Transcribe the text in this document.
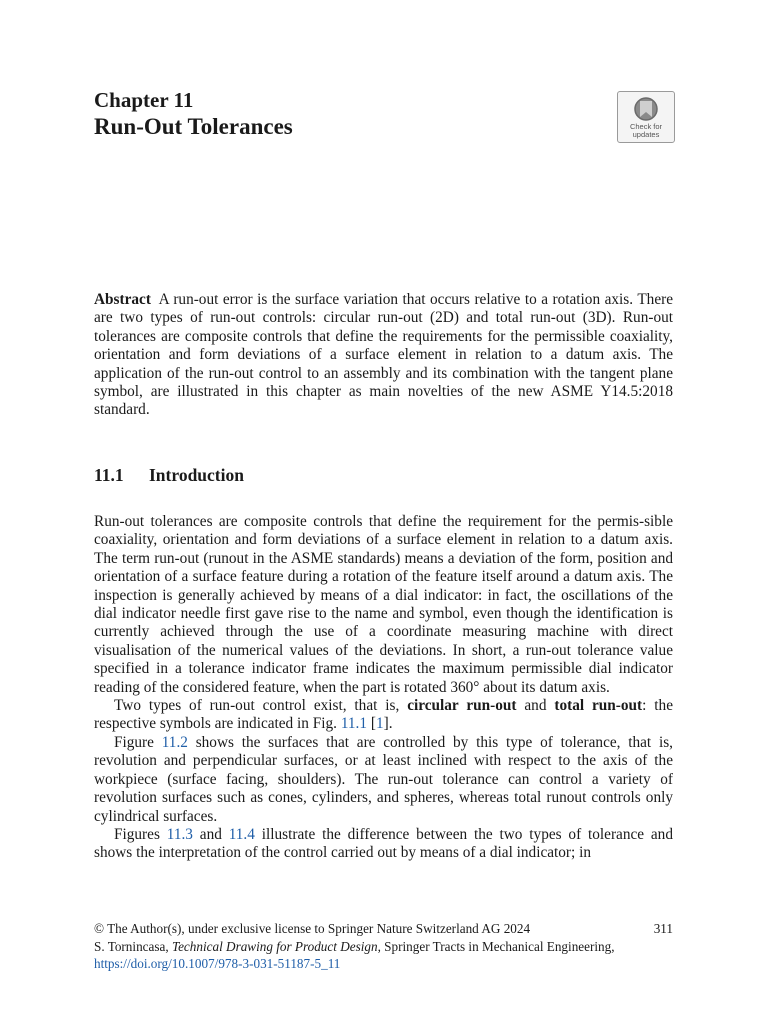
Chapter 11
Run-Out Tolerances	Check for
updates
Abstract A run-out error is the surface variation that occurs relative to a rotation axis. There are two types of run-out controls: circular run-out (2D) and total run-out (3D). Run-out tolerances are composite controls that define the requirements for the permissible coaxiality, orientation and form deviations of a surface element in relation to a datum axis. The application of the run-out control to an assembly and its combination with the tangent plane symbol, are illustrated in this chapter as main novelties of the new ASME Y14.5:2018 standard.
11.1 Introduction

Run-out tolerances are composite controls that define the requirement for the permis-sible coaxiality, orientation and form deviations of a surface element in relation to a datum axis. The term run-out (runout in the ASME standards) means a deviation of the form, position and orientation of a surface feature during a rotation of the feature itself around a datum axis. The inspection is generally achieved by means of a dial indicator: in fact, the oscillations of the dial indicator needle first gave rise to the name and symbol, even though the identification is currently achieved through the use of a coordinate measuring machine with direct visualisation of the numerical values of the deviations. In short, a run-out tolerance value specified in a tolerance indicator frame indicates the maximum permissible dial indicator reading of the considered feature, when the part is rotated 360° about its datum axis.

Two types of run-out control exist, that is, circular run-out and total run-out: the respective symbols are indicated in Fig. 11.1 [1].

Figure 11.2 shows the surfaces that are controlled by this type of tolerance, that is, revolution and perpendicular surfaces, or at least inclined with respect to the axis of the workpiece (surface facing, shoulders). The run-out tolerance can control a variety of revolution surfaces such as cones, cylinders, and spheres, whereas total runout controls only cylindrical surfaces.

Figures 11.3 and 11.4 illustrate the difference between the two types of tolerance and shows the interpretation of the control carried out by means of a dial indicator; in

© The Author(s), under exclusive license to Springer Nature Switzerland AG 2024	311
S. Tornincasa, Technical Drawing for Product Design, Springer Tracts in Mechanical Engineering, https://doi.org/10.1007/978-3-031-51187-5_11
